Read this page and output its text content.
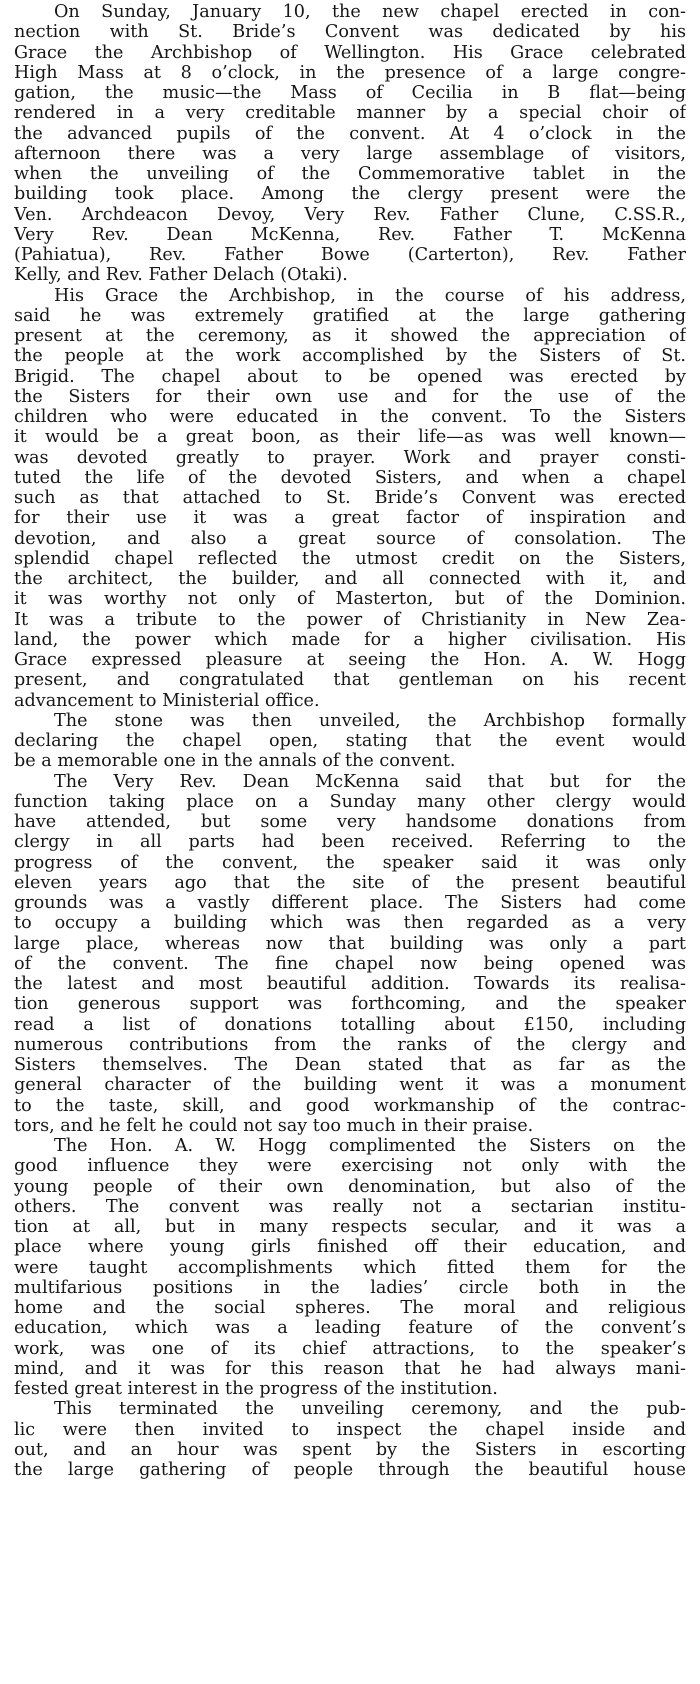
On Sunday, January 10, the new chapel erected in con-
nection with St. Bride’s Convent was dedicated by his
Grace the Archbishop of Wellington. His Grace celebrated
High Mass at 8 o’clock, in the presence of a large congre-
gation, the music—the Mass of Cecilia in B flat—being
rendered in a very creditable manner by a special choir of
the advanced pupils of the convent. At 4 o’clock in the
afternoon there was a very large assemblage of visitors,
when the unveiling of the Commemorative tablet in the
building took place. Among the clergy present were the
Ven. Archdeacon Devoy, Very Rev. Father Clune, C.SS.R.,
Very Rev. Dean McKenna, Rev. Father T. McKenna
(Pahiatua), Rev. Father Bowe (Carterton), Rev. Father
Kelly, and Rev. Father Delach (Otaki).
His Grace the Archbishop, in the course of his address,
said he was extremely gratified at the large gathering
present at the ceremony, as it showed the appreciation of
the people at the work accomplished by the Sisters of St.
Brigid. The chapel about to be opened was erected by
the Sisters for their own use and for the use of the
children who were educated in the convent. To the Sisters
it would be a great boon, as their life—as was well known—
was devoted greatly to prayer. Work and prayer consti-
tuted the life of the devoted Sisters, and when a chapel
such as that attached to St. Bride’s Convent was erected
for their use it was a great factor of inspiration and
devotion, and also a great source of consolation. The
splendid chapel reflected the utmost credit on the Sisters,
the architect, the builder, and all connected with it, and
it was worthy not only of Masterton, but of the Dominion.
It was a tribute to the power of Christianity in New Zea-
land, the power which made for a higher civilisation. His
Grace expressed pleasure at seeing the Hon. A. W. Hogg
present, and congratulated that gentleman on his recent
advancement to Ministerial office.
The stone was then unveiled, the Archbishop formally
declaring the chapel open, stating that the event would
be a memorable one in the annals of the convent.
The Very Rev. Dean McKenna said that but for the
function taking place on a Sunday many other clergy would
have attended, but some very handsome donations from
clergy in all parts had been received. Referring to the
progress of the convent, the speaker said it was only
eleven years ago that the site of the present beautiful
grounds was a vastly different place. The Sisters had come
to occupy a building which was then regarded as a very
large place, whereas now that building was only a part
of the convent. The fine chapel now being opened was
the latest and most beautiful addition. Towards its realisa-
tion generous support was forthcoming, and the speaker
read a list of donations totalling about £150, including
numerous contributions from the ranks of the clergy and
Sisters themselves. The Dean stated that as far as the
general character of the building went it was a monument
to the taste, skill, and good workmanship of the contrac-
tors, and he felt he could not say too much in their praise.
The Hon. A. W. Hogg complimented the Sisters on the
good influence they were exercising not only with the
young people of their own denomination, but also of the
others. The convent was really not a sectarian institu-
tion at all, but in many respects secular, and it was a
place where young girls finished off their education, and
were taught accomplishments which fitted them for the
multifarious positions in the ladies’ circle both in the
home and the social spheres. The moral and religious
education, which was a leading feature of the convent’s
work, was one of its chief attractions, to the speaker’s
mind, and it was for this reason that he had always mani-
fested great interest in the progress of the institution.
This terminated the unveiling ceremony, and the pub-
lic were then invited to inspect the chapel inside and
out, and an hour was spent by the Sisters in escorting
the large gathering of people through the beautiful house
